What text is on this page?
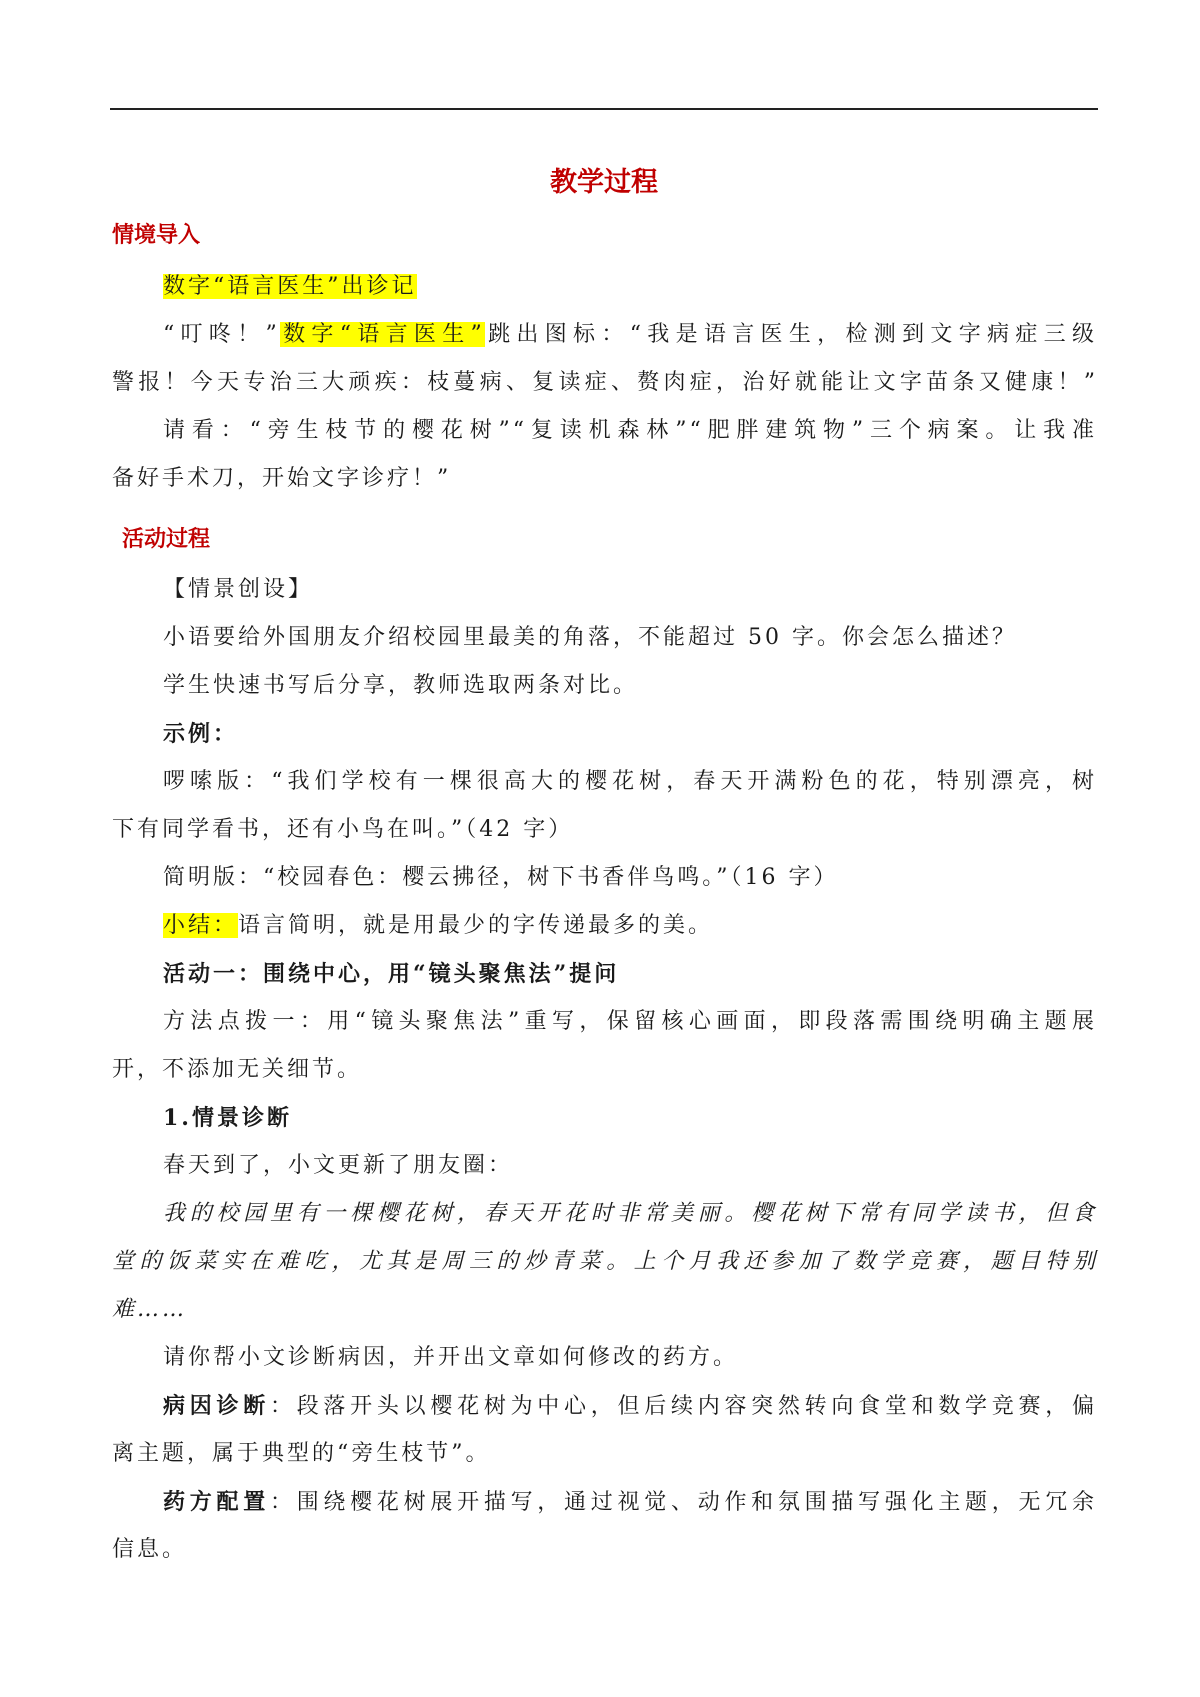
教学过程
情境导入
数字“语言医生”出诊记
“叮咚！”数字“语言医生”跳出图标：“我是语言医生，检测到文字病症三级
警报！今天专治三大顽疾：枝蔓病、复读症、赘肉症，治好就能让文字苗条又健康！”
请看：“旁生枝节的樱花树”“复读机森林”“肥胖建筑物”三个病案。让我准
备好手术刀，开始文字诊疗！”
活动过程
【情景创设】
小语要给外国朋友介绍校园里最美的角落，不能超过 50 字。你会怎么描述？
学生快速书写后分享，教师选取两条对比。
示例：
啰嗦版：“我们学校有一棵很高大的樱花树，春天开满粉色的花，特别漂亮，树
下有同学看书，还有小鸟在叫。”（42 字）
简明版：“校园春色：樱云拂径，树下书香伴鸟鸣。”（16 字）
小结：语言简明，就是用最少的字传递最多的美。
活动一：围绕中心，用“镜头聚焦法”提问
方法点拨一：用“镜头聚焦法”重写，保留核心画面，即段落需围绕明确主题展
开，不添加无关细节。
1.情景诊断
春天到了，小文更新了朋友圈：
我的校园里有一棵樱花树，春天开花时非常美丽。樱花树下常有同学读书，但食
堂的饭菜实在难吃，尤其是周三的炒青菜。上个月我还参加了数学竞赛，题目特别
难……
请你帮小文诊断病因，并开出文章如何修改的药方。
病因诊断：段落开头以樱花树为中心，但后续内容突然转向食堂和数学竞赛，偏
离主题，属于典型的“旁生枝节”。
药方配置：围绕樱花树展开描写，通过视觉、动作和氛围描写强化主题，无冗余
信息。
